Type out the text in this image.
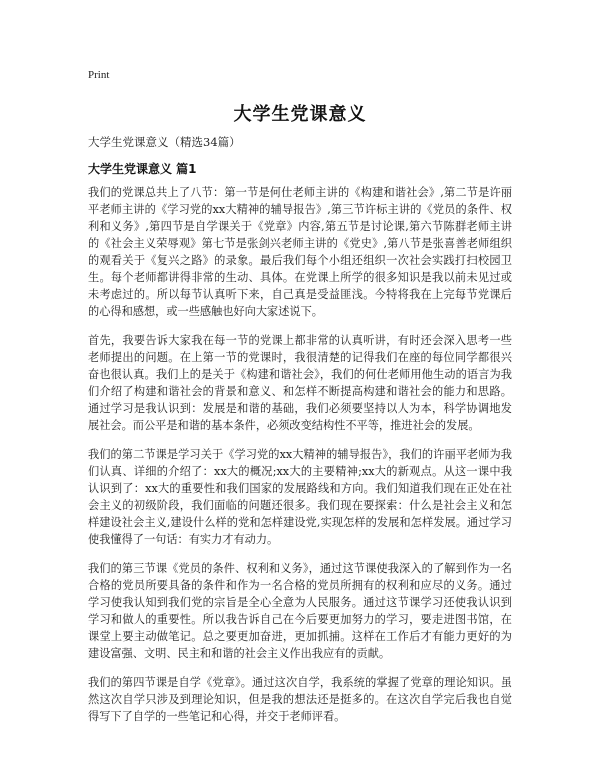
Print
大学生党课意义
大学生党课意义（精选34篇）
大学生党课意义 篇1

我们的党课总共上了八节：第一节是何仕老师主讲的《构建和谐社会》,第二节是许丽平老师主讲的《学习党的xx大精神的辅导报告》,第三节许标主讲的《党员的条件、权利和义务》,第四节是自学课关于《党章》内容,第五节是讨论课,第六节陈群老师主讲的《社会主义荣辱观》第七节是张剑兴老师主讲的《党史》,第八节是张喜善老师组织的观看关于《复兴之路》的录象。最后我们每个小组还组织一次社会实践打扫校园卫生。每个老师都讲得非常的生动、具体。在党课上所学的很多知识是我以前未见过或未考虑过的。所以每节认真听下来，自己真是受益匪浅。今特将我在上完每节党课后的心得和感想，或一些感触也好向大家述说下。

首先，我要告诉大家我在每一节的党课上都非常的认真听讲，有时还会深入思考一些老师提出的问题。在上第一节的党课时，我很清楚的记得我们在座的每位同学都很兴奋也很认真。我们上的是关于《构建和谐社会》，我们的何仕老师用他生动的语言为我们介绍了构建和谐社会的背景和意义、和怎样不断提高构建和谐社会的能力和思路。通过学习是我认识到：发展是和谐的基础，我们必须要坚持以人为本，科学协调地发展社会。而公平是和谐的基本条件，必须改变结构性不平等，推进社会的发展。

我们的第二节课是学习关于《学习党的xx大精神的辅导报告》，我们的许丽平老师为我们认真、详细的介绍了：xx大的概况;xx大的主要精神;xx大的新观点。从这一课中我认识到了：xx大的重要性和我们国家的发展路线和方向。我们知道我们现在正处在社会主义的初级阶段，我们面临的问题还很多。我们现在要探索：什么是社会主义和怎样建设社会主义,建设什么样的党和怎样建设党,实现怎样的发展和怎样发展。通过学习使我懂得了一句话：有实力才有动力。

我们的第三节课《党员的条件、权利和义务》，通过这节课使我深入的了解到作为一名合格的党员所要具备的条件和作为一名合格的党员所拥有的权利和应尽的义务。通过学习使我认知到我们党的宗旨是全心全意为人民服务。通过这节课学习还使我认识到学习和做人的重要性。所以我告诉自己在今后要更加努力的学习，要走进图书馆，在课堂上要主动做笔记。总之要更加奋进，更加抓捕。这样在工作后才有能力更好的为建设富强、文明、民主和和谐的社会主义作出我应有的贡献。

我们的第四节课是自学《党章》。通过这次自学，我系统的掌握了党章的理论知识。虽然这次自学只涉及到理论知识，但是我的想法还是挺多的。在这次自学完后我也自觉得写下了自学的一些笔记和心得，并交于老师评看。
